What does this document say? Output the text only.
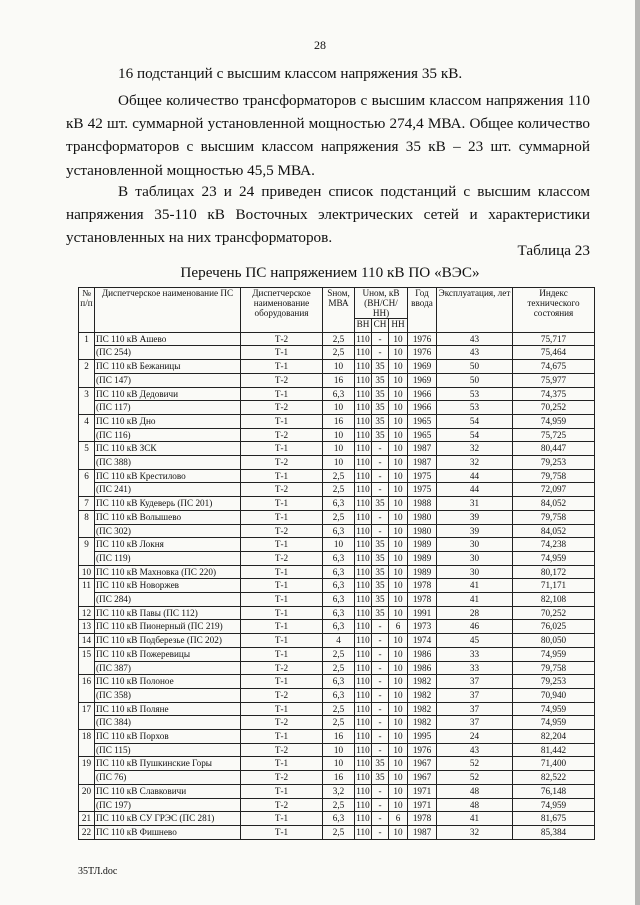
28

16 подстанций с высшим классом напряжения 35 кВ.

Общее количество трансформаторов с высшим классом напряжения 110 кВ 42 шт. суммарной установленной мощностью 274,4 МВА. Общее количество трансформаторов с высшим классом напряжения 35 кВ – 23 шт. суммарной установленной мощностью 45,5 МВА.

В таблицах 23 и 24 приведен список подстанций с высшим классом напряжения 35-110 кВ Восточных электрических сетей и характеристики установленных на них трансформаторов.

Таблица 23
Перечень ПС напряжением 110 кВ ПО «ВЭС»
№ п/п	Диспетчерское наименование ПС	Диспетчерское наименование оборудования	Sном, МВА	Uном, кВ (ВН/СН/НН)			Год ввода	Эксплуатация, лет	Индекс технического состояния
				ВН	СН	НН			
1	ПС 110 кВ Ашево	Т-2	2,5	110	-	10	1976	43	75,717
	(ПС 254)	Т-1	2,5	110	-	10	1976	43	75,464
2	ПС 110 кВ Бежаницы	Т-1	10	110	35	10	1969	50	74,675
	(ПС 147)	Т-2	16	110	35	10	1969	50	75,977
3	ПС 110 кВ Дедовичи	Т-1	6,3	110	35	10	1966	53	74,375
	(ПС 117)	Т-2	10	110	35	10	1966	53	70,252
4	ПС 110 кВ Дно	Т-1	16	110	35	10	1965	54	74,959
	(ПС 116)	Т-2	10	110	35	10	1965	54	75,725
5	ПС 110 кВ ЗСК	Т-1	10	110	-	10	1987	32	80,447
	(ПС 388)	Т-2	10	110	-	10	1987	32	79,253
6	ПС 110 кВ Крестилово	Т-1	2,5	110	-	10	1975	44	79,758
	(ПС 241)	Т-2	2,5	110	-	10	1975	44	72,097
7	ПС 110 кВ Кудеверь (ПС 201)	Т-1	6,3	110	35	10	1988	31	84,052
8	ПС 110 кВ Волышево	Т-1	2,5	110	-	10	1980	39	79,758
	(ПС 302)	Т-2	6,3	110	-	10	1980	39	84,052
9	ПС 110 кВ Локня	Т-1	10	110	35	10	1989	30	74,238
	(ПС 119)	Т-2	6,3	110	35	10	1989	30	74,959
10	ПС 110 кВ Махновка (ПС 220)	Т-1	6,3	110	35	10	1989	30	80,172
11	ПС 110 кВ Новоржев	Т-1	6,3	110	35	10	1978	41	71,171
	(ПС 284)	Т-1	6,3	110	35	10	1978	41	82,108
12	ПС 110 кВ Павы (ПС 112)	Т-1	6,3	110	35	10	1991	28	70,252
13	ПС 110 кВ Пионерный (ПС 219)	Т-1	6,3	110	-	6	1973	46	76,025
14	ПС 110 кВ Подберезье (ПС 202)	Т-1	4	110	-	10	1974	45	80,050
15	ПС 110 кВ Пожеревицы	Т-1	2,5	110	-	10	1986	33	74,959
	(ПС 387)	Т-2	2,5	110	-	10	1986	33	79,758
16	ПС 110 кВ Полоное	Т-1	6,3	110	-	10	1982	37	79,253
	(ПС 358)	Т-2	6,3	110	-	10	1982	37	70,940
17	ПС 110 кВ Поляне	Т-1	2,5	110	-	10	1982	37	74,959
	(ПС 384)	Т-2	2,5	110	-	10	1982	37	74,959
18	ПС 110 кВ Порхов	Т-1	16	110	-	10	1995	24	82,204
	(ПС 115)	Т-2	10	110	-	10	1976	43	81,442
19	ПС 110 кВ Пушкинские Горы	Т-1	10	110	35	10	1967	52	71,400
	(ПС 76)	Т-2	16	110	35	10	1967	52	82,522
20	ПС 110 кВ Славковичи	Т-1	3,2	110	-	10	1971	48	76,148
	(ПС 197)	Т-2	2,5	110	-	10	1971	48	74,959
21	ПС 110 кВ СУ ГРЭС (ПС 281)	Т-1	6,3	110	-	6	1978	41	81,675
22	ПС 110 кВ Фишнево	Т-1	2,5	110	-	10	1987	32	85,384
35ТЛ.doc
